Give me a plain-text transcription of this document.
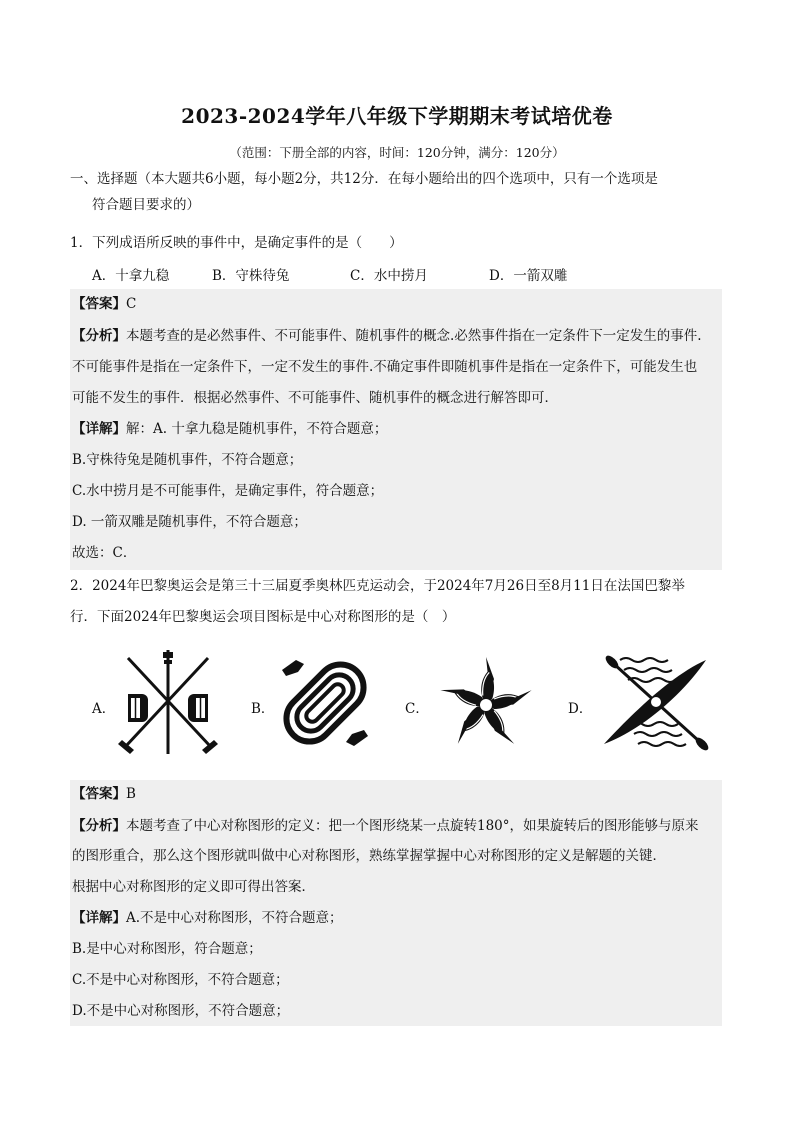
2023-2024学年八年级下学期期末考试培优卷
（范围：下册全部的内容，时间：120分钟，满分：120分）
一、选择题（本大题共6小题，每小题2分，共12分．在每小题给出的四个选项中，只有一个选项是
符合题目要求的）
1．下列成语所反映的事件中，是确定事件的是（　　）
A．十拿九稳	B．守株待兔	C．水中捞月	D．一箭双雕
【答案】C
【分析】本题考查的是必然事件、不可能事件、随机事件的概念.必然事件指在一定条件下一定发生的事件.
不可能事件是指在一定条件下，一定不发生的事件.不确定事件即随机事件是指在一定条件下，可能发生也
可能不发生的事件．根据必然事件、不可能事件、随机事件的概念进行解答即可．
【详解】解：A. 十拿九稳是随机事件，不符合题意；
B.守株待兔是随机事件，不符合题意；
C.水中捞月是不可能事件，是确定事件，符合题意；
D. 一箭双雕是随机事件，不符合题意；
故选：C．
2．2024年巴黎奥运会是第三十三届夏季奥林匹克运动会，于2024年7月26日至8月11日在法国巴黎举
行．下面2024年巴黎奥运会项目图标是中心对称图形的是（　）
A．	B．	C．	D．
【答案】B
【分析】本题考查了中心对称图形的定义：把一个图形绕某一点旋转180°，如果旋转后的图形能够与原来
的图形重合，那么这个图形就叫做中心对称图形，熟练掌握掌握中心对称图形的定义是解题的关键．
根据中心对称图形的定义即可得出答案．
【详解】A.不是中心对称图形，不符合题意；
B.是中心对称图形，符合题意；
C.不是中心对称图形，不符合题意；
D.不是中心对称图形，不符合题意；
